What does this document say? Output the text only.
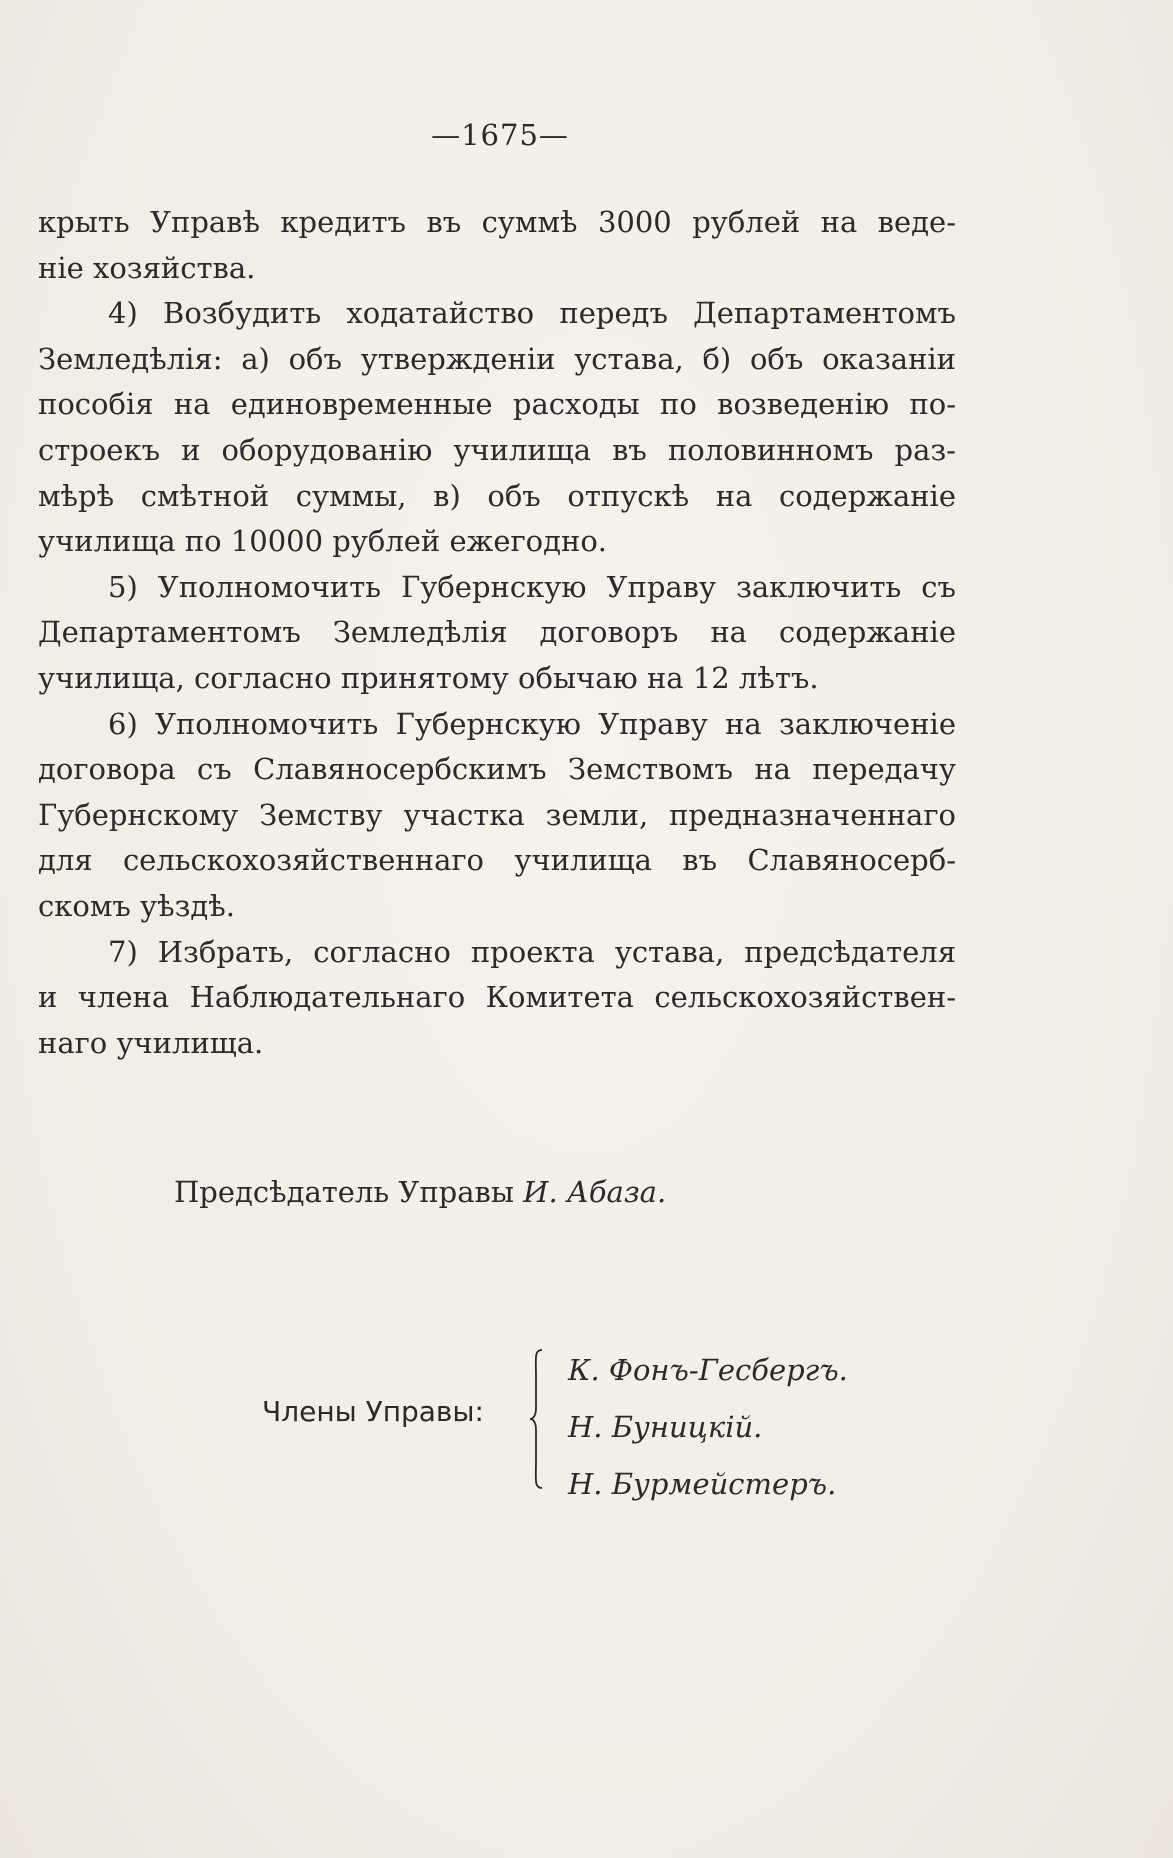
—1675—
крыть Управѣ кредитъ въ суммѣ 3000 рублей на веде-
нiе хозяйства.
4) Возбудить ходатайство передъ Департаментомъ
Земледѣлiя: а) объ утвержденiи устава, б) объ оказанiи
пособiя на единовременные расходы по возведенiю по-
строекъ и оборудованiю училища въ половинномъ раз-
мѣрѣ смѣтной суммы, в) объ отпускѣ на содержанiе
училища по 10000 рублей ежегодно.
5) Уполномочить Губернскую Управу заключить съ
Департаментомъ Земледѣлiя договоръ на содержанiе
училища, согласно принятому обычаю на 12 лѣтъ.
6) Уполномочить Губернскую Управу на заключенiе
договора съ Славяносербскимъ Земствомъ на передачу
Губернскому Земству участка земли, предназначеннаго
для сельскохозяйственнаго училища въ Славяносерб-
скомъ уѣздѣ.
7) Избрать, согласно проекта устава, предсѣдателя
и члена Наблюдательнаго Комитета сельскохозяйствен-
наго училища.
Предсѣдатель Управы И. Абаза.
Члены Управы:
К. Фонъ-Гесбергъ.
Н. Буницкiй.
Н. Бурмейстеръ.
